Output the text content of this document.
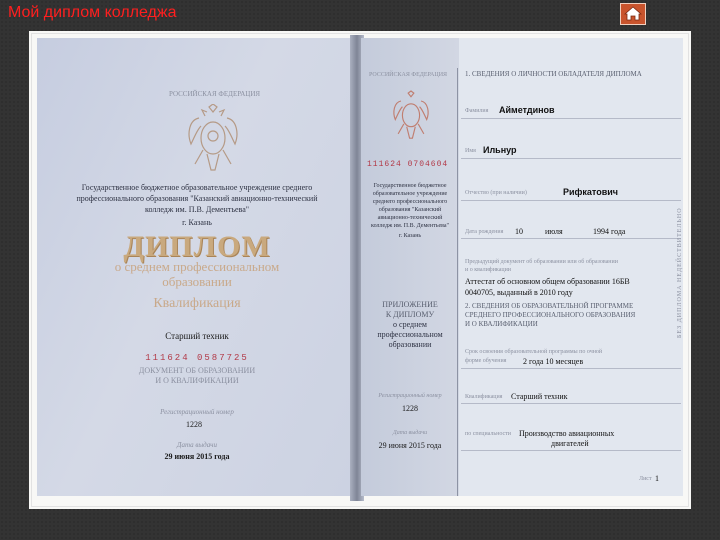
Мой диплом колледжа
РОССИЙСКАЯ ФЕДЕРАЦИЯ
Государственное бюджетное образовательное учреждение среднего
профессионального образования "Казанский авиационно-технический
колледж им. П.В. Дементьева"
г. Казань
ДИПЛОМ
о среднем профессиональном
образовании
Квалификация
Старший техник
111624 0587725
ДОКУМЕНТ ОБ ОБРАЗОВАНИИ
И О КВАЛИФИКАЦИИ
Регистрационный номер
1228
Дата выдачи
29 июня 2015 года
РОССИЙСКАЯ ФЕДЕРАЦИЯ
111624 0704604
Государственное бюджетное
образовательное учреждение
среднего профессионального
образования "Казанский
авиационно-технический
колледж им. П.В. Дементьева"
г. Казань
ПРИЛОЖЕНИЕ
К ДИПЛОМУ
о среднем
профессиональном
образовании
Регистрационный номер
1228
Дата выдачи
29 июня 2015 года
1. СВЕДЕНИЯ О ЛИЧНОСТИ ОБЛАДАТЕЛЯ ДИПЛОМА
Фамилия Айметдинов
Имя Ильнур
Отчество (при наличии)	Рифкатович
Дата рождения 10	июля	1994 года
Предыдущий документ об образовании или об образовании
и о квалификации
Аттестат об основном общем образовании 16БВ
0040705, выданный в 2010 году
2. СВЕДЕНИЯ ОБ ОБРАЗОВАТЕЛЬНОЙ ПРОГРАММЕ
СРЕДНЕГО ПРОФЕССИОНАЛЬНОГО ОБРАЗОВАНИЯ
И О КВАЛИФИКАЦИИ
Срок освоения образовательной программы по очной
форме обучения	2 года 10 месяцев
Квалификация Старший техник
по специальности Производство авиационных
двигателей
Лист 1
БЕЗ ДИПЛОМА НЕДЕЙСТВИТЕЛЬНО
